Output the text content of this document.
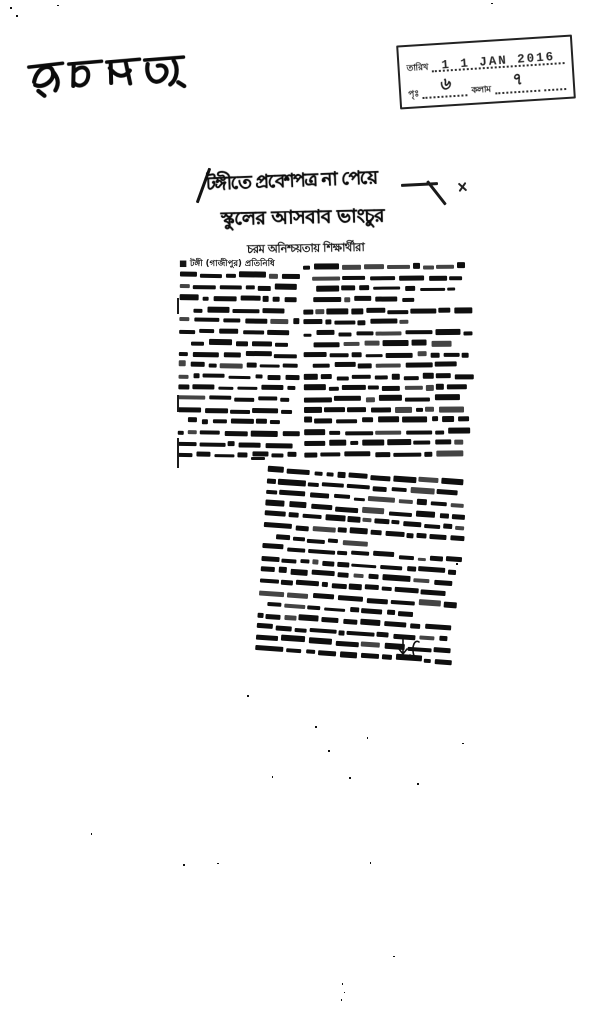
তারিখ 1 1 JAN 2016
পৃঃ ৬ কলাম ৭
টঙ্গীতে প্রবেশপত্র না পেয়ে
স্কুলের আসবাব ভাংচুর
চরম অনিশ্চয়তায় শিক্ষার্থীরা
■ টঙ্গী (গাজীপুর) প্রতিনিধি
